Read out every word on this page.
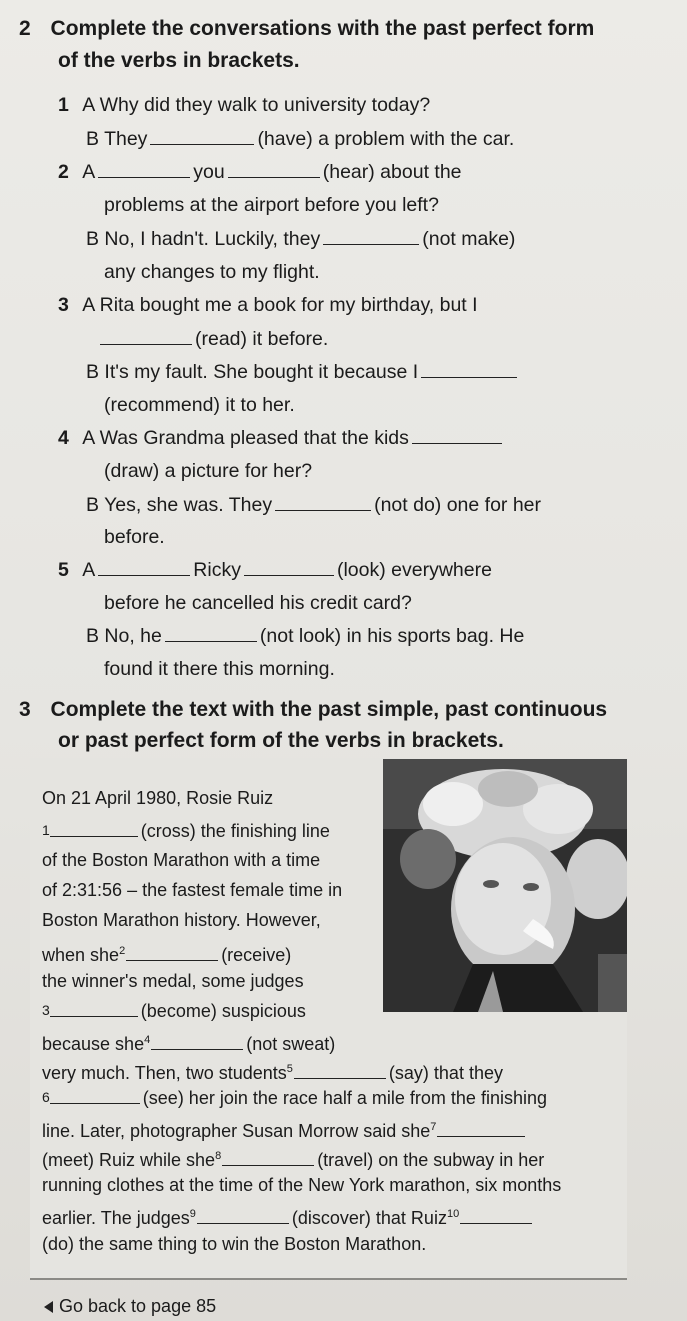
2 Complete the conversations with the past perfect form
of the verbs in brackets.
1 A Why did they walk to university today?
B They	(have) a problem with the car.
2 A	you	(hear) about the
problems at the airport before you left?
B No, I hadn't. Luckily, they	(not make)
any changes to my flight.
3 A Rita bought me a book for my birthday, but I
(read) it before.
B It's my fault. She bought it because I
(recommend) it to her.
4 A Was Grandma pleased that the kids
(draw) a picture for her?
B Yes, she was. They	(not do) one for her
before.
5 A	Ricky	(look) everywhere
before he cancelled his credit card?
B No, he	(not look) in his sports bag. He
found it there this morning.
3 Complete the text with the past simple, past continuous
or past perfect form of the verbs in brackets.
On 21 April 1980, Rosie Ruiz
$^1$	(cross) the finishing line
of the Boston Marathon with a time
of 2:31:56 – the fastest female time in
Boston Marathon history. However,
when she$^2$	(receive)
the winner's medal, some judges
$^3$	(become) suspicious
because she$^4$	(not sweat)
very much. Then, two students$^5$	(say) that they
$^6$	(see) her join the race half a mile from the finishing
line. Later, photographer Susan Morrow said she$^7$
(meet) Ruiz while she$^8$	(travel) on the subway in her
running clothes at the time of the New York marathon, six months
earlier. The judges$^9$	(discover) that Ruiz$^{10}$
(do) the same thing to win the Boston Marathon.
Go back to page 85
